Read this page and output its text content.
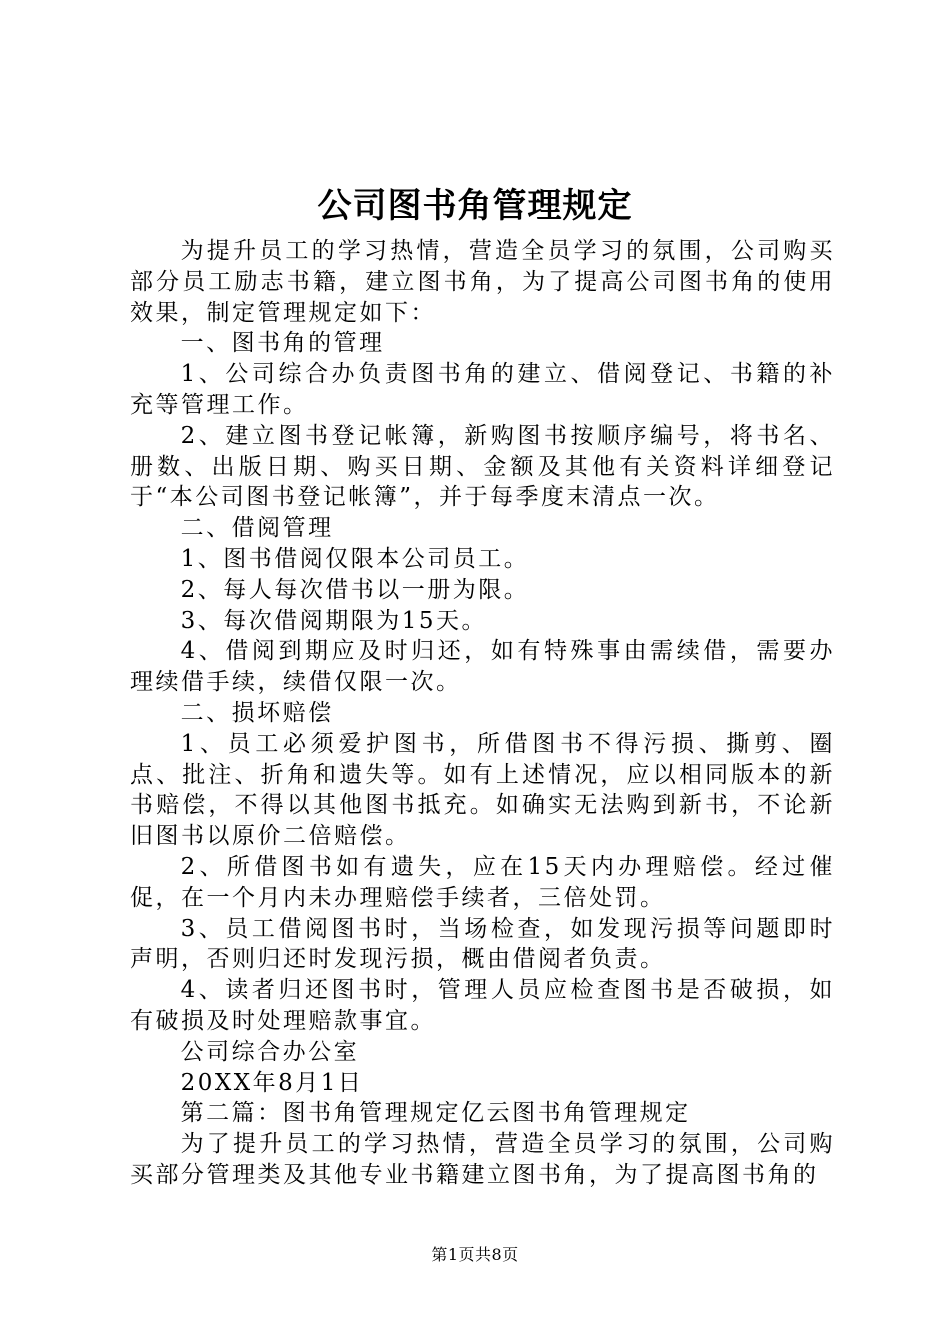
公司图书角管理规定

为提升员工的学习热情，营造全员学习的氛围，公司购买部分员工励志书籍，建立图书角，为了提高公司图书角的使用效果，制定管理规定如下：

一、图书角的管理

1、公司综合办负责图书角的建立、借阅登记、书籍的补充等管理工作。

2、建立图书登记帐簿，新购图书按顺序编号，将书名、册数、出版日期、购买日期、金额及其他有关资料详细登记于“本公司图书登记帐簿”，并于每季度末清点一次。

二、借阅管理

1、图书借阅仅限本公司员工。

2、每人每次借书以一册为限。

3、每次借阅期限为15天。

4、借阅到期应及时归还，如有特殊事由需续借，需要办理续借手续，续借仅限一次。

二、损坏赔偿

1、员工必须爱护图书，所借图书不得污损、撕剪、圈点、批注、折角和遗失等。如有上述情况，应以相同版本的新书赔偿，不得以其他图书抵充。如确实无法购到新书，不论新旧图书以原价二倍赔偿。

2、所借图书如有遗失，应在15天内办理赔偿。经过催促，在一个月内未办理赔偿手续者，三倍处罚。

3、员工借阅图书时，当场检查，如发现污损等问题即时声明，否则归还时发现污损，概由借阅者负责。

4、读者归还图书时，管理人员应检查图书是否破损，如有破损及时处理赔款事宜。

公司综合办公室

20XX年8月1日

第二篇：图书角管理规定亿云图书角管理规定

为了提升员工的学习热情，营造全员学习的氛围，公司购买部分管理类及其他专业书籍建立图书角，为了提高图书角的

第1页共8页
